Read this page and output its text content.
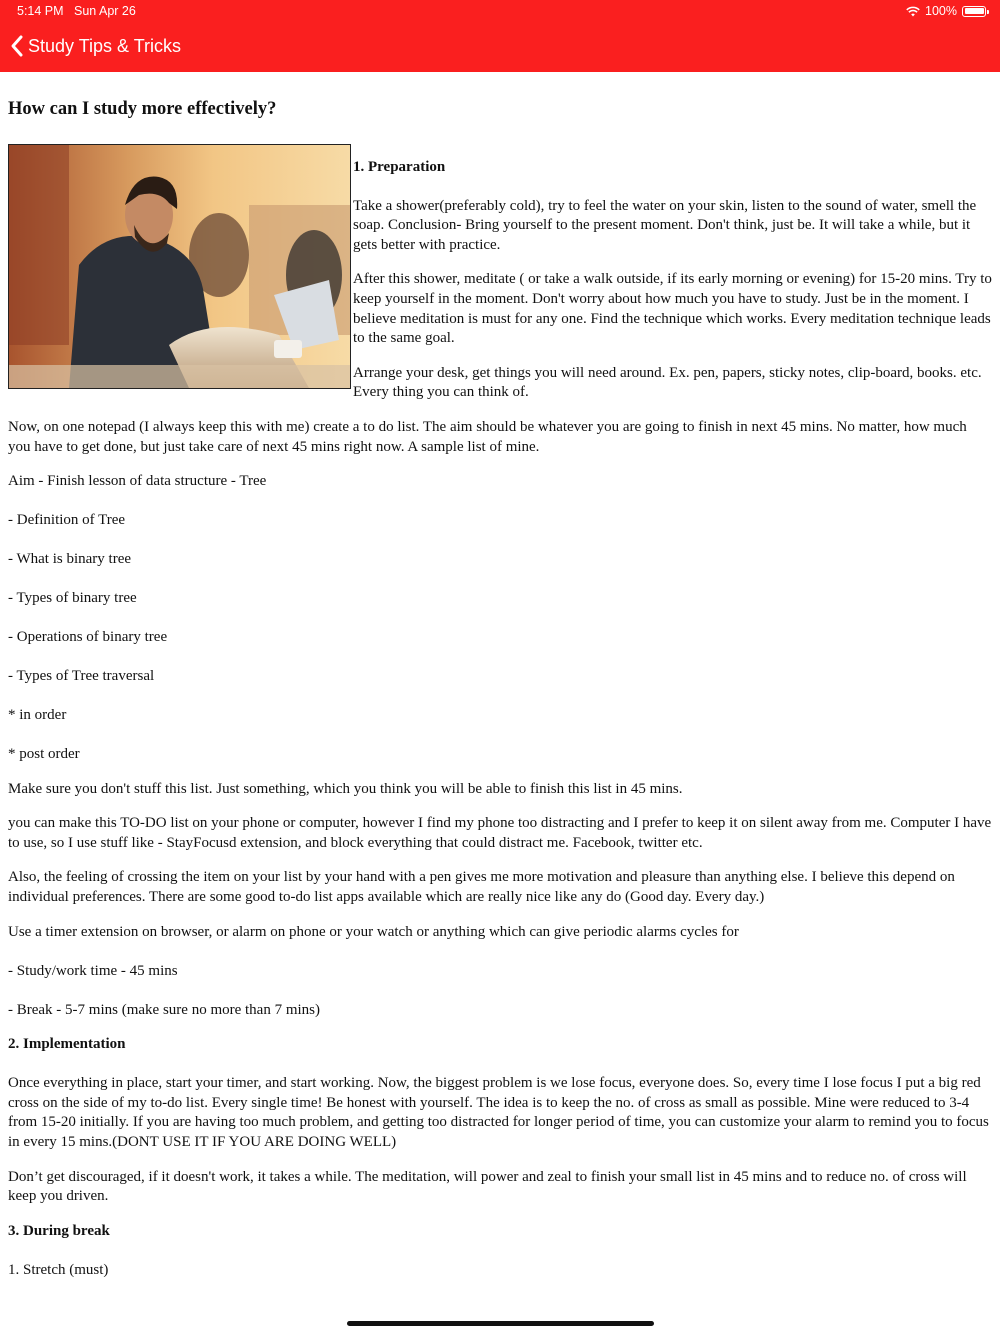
5:14 PM Sun Apr 26	100%
Study Tips & Tricks
How can I study more effectively?

1. Preparation

Take a shower(preferably cold), try to feel the water on your skin, listen to the sound of water, smell the soap. Conclusion- Bring yourself to the present moment. Don't think, just be. It will take a while, but it gets better with practice.

After this shower, meditate ( or take a walk outside, if its early morning or evening) for 15-20 mins. Try to keep yourself in the moment. Don't worry about how much you have to study. Just be in the moment. I believe meditation is must for any one. Find the technique which works. Every meditation technique leads to the same goal.

Arrange your desk, get things you will need around. Ex. pen, papers, sticky notes, clip-board, books. etc. Every thing you can think of.

Now, on one notepad (I always keep this with me) create a to do list. The aim should be whatever you are going to finish in next 45 mins. No matter, how much you have to get done, but just take care of next 45 mins right now. A sample list of mine.

Aim - Finish lesson of data structure - Tree

- Definition of Tree

- What is binary tree

- Types of binary tree

- Operations of binary tree

- Types of Tree traversal

* in order

* post order

Make sure you don't stuff this list. Just something, which you think you will be able to finish this list in 45 mins.

you can make this TO-DO list on your phone or computer, however I find my phone too distracting and I prefer to keep it on silent away from me. Computer I have to use, so I use stuff like - StayFocusd extension, and block everything that could distract me. Facebook, twitter etc.

Also, the feeling of crossing the item on your list by your hand with a pen gives me more motivation and pleasure than anything else. I believe this depend on individual preferences. There are some good to-do list apps available which are really nice like any do (Good day. Every day.)

Use a timer extension on browser, or alarm on phone or your watch or anything which can give periodic alarms cycles for

- Study/work time - 45 mins

- Break - 5-7 mins (make sure no more than 7 mins)

2. Implementation

Once everything in place, start your timer, and start working. Now, the biggest problem is we lose focus, everyone does. So, every time I lose focus I put a big red cross on the side of my to-do list. Every single time! Be honest with yourself. The idea is to keep the no. of cross as small as possible. Mine were reduced to 3-4 from 15-20 initially. If you are having too much problem, and getting too distracted for longer period of time, you can customize your alarm to remind you to focus in every 15 mins.(DONT USE IT IF YOU ARE DOING WELL)

Don’t get discouraged, if it doesn't work, it takes a while. The meditation, will power and zeal to finish your small list in 45 mins and to reduce no. of cross will keep you driven.

3. During break

1. Stretch (must)
